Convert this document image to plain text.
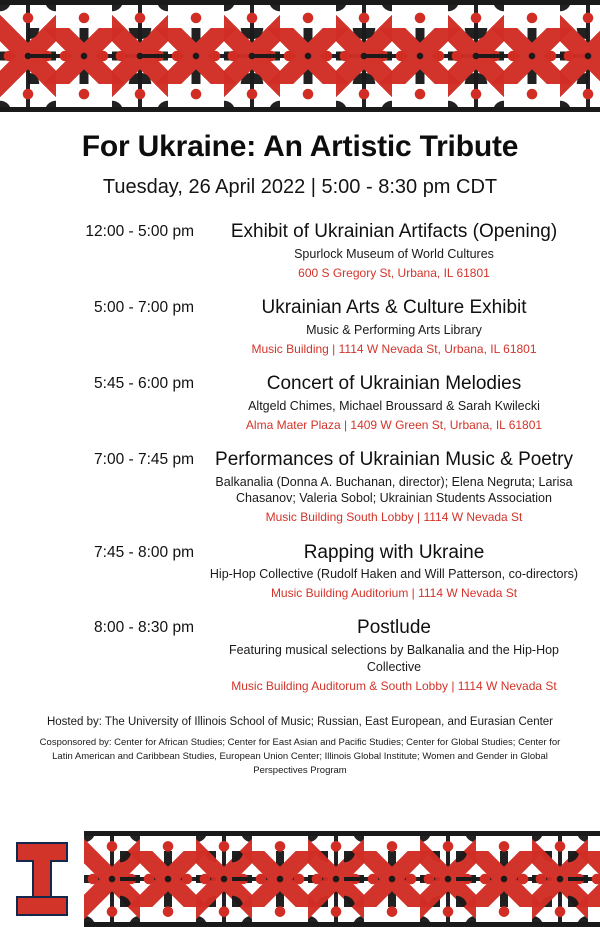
For Ukraine: An Artistic Tribute
Tuesday, 26 April 2022 | 5:00 - 8:30 pm CDT
12:00 - 5:00 pm	Exhibit of Ukrainian Artifacts (Opening)
Spurlock Museum of World Cultures
600 S Gregory St, Urbana, IL 61801
5:00 - 7:00 pm	Ukrainian Arts & Culture Exhibit
Music & Performing Arts Library
Music Building | 1114 W Nevada St, Urbana, IL 61801
5:45 - 6:00 pm	Concert of Ukrainian Melodies
Altgeld Chimes, Michael Broussard & Sarah Kwilecki
Alma Mater Plaza | 1409 W Green St, Urbana, IL 61801
7:00 - 7:45 pm	Performances of Ukrainian Music & Poetry
Balkanalia (Donna A. Buchanan, director); Elena Negruta; Larisa Chasanov; Valeria Sobol; Ukrainian Students Association
Music Building South Lobby | 1114 W Nevada St
7:45 - 8:00 pm	Rapping with Ukraine
Hip-Hop Collective (Rudolf Haken and Will Patterson, co-directors)
Music Building Auditorium | 1114 W Nevada St
8:00 - 8:30 pm	Postlude
Featuring musical selections by Balkanalia and the Hip-Hop Collective
Music Building Auditorum & South Lobby | 1114 W Nevada St
Hosted by: The University of Illinois School of Music; Russian, East European, and Eurasian Center
Cosponsored by: Center for African Studies; Center for East Asian and Pacific Studies; Center for Global Studies; Center for Latin American and Caribbean Studies, European Union Center; Illinois Global Institute; Women and Gender in Global Perspectives Program
